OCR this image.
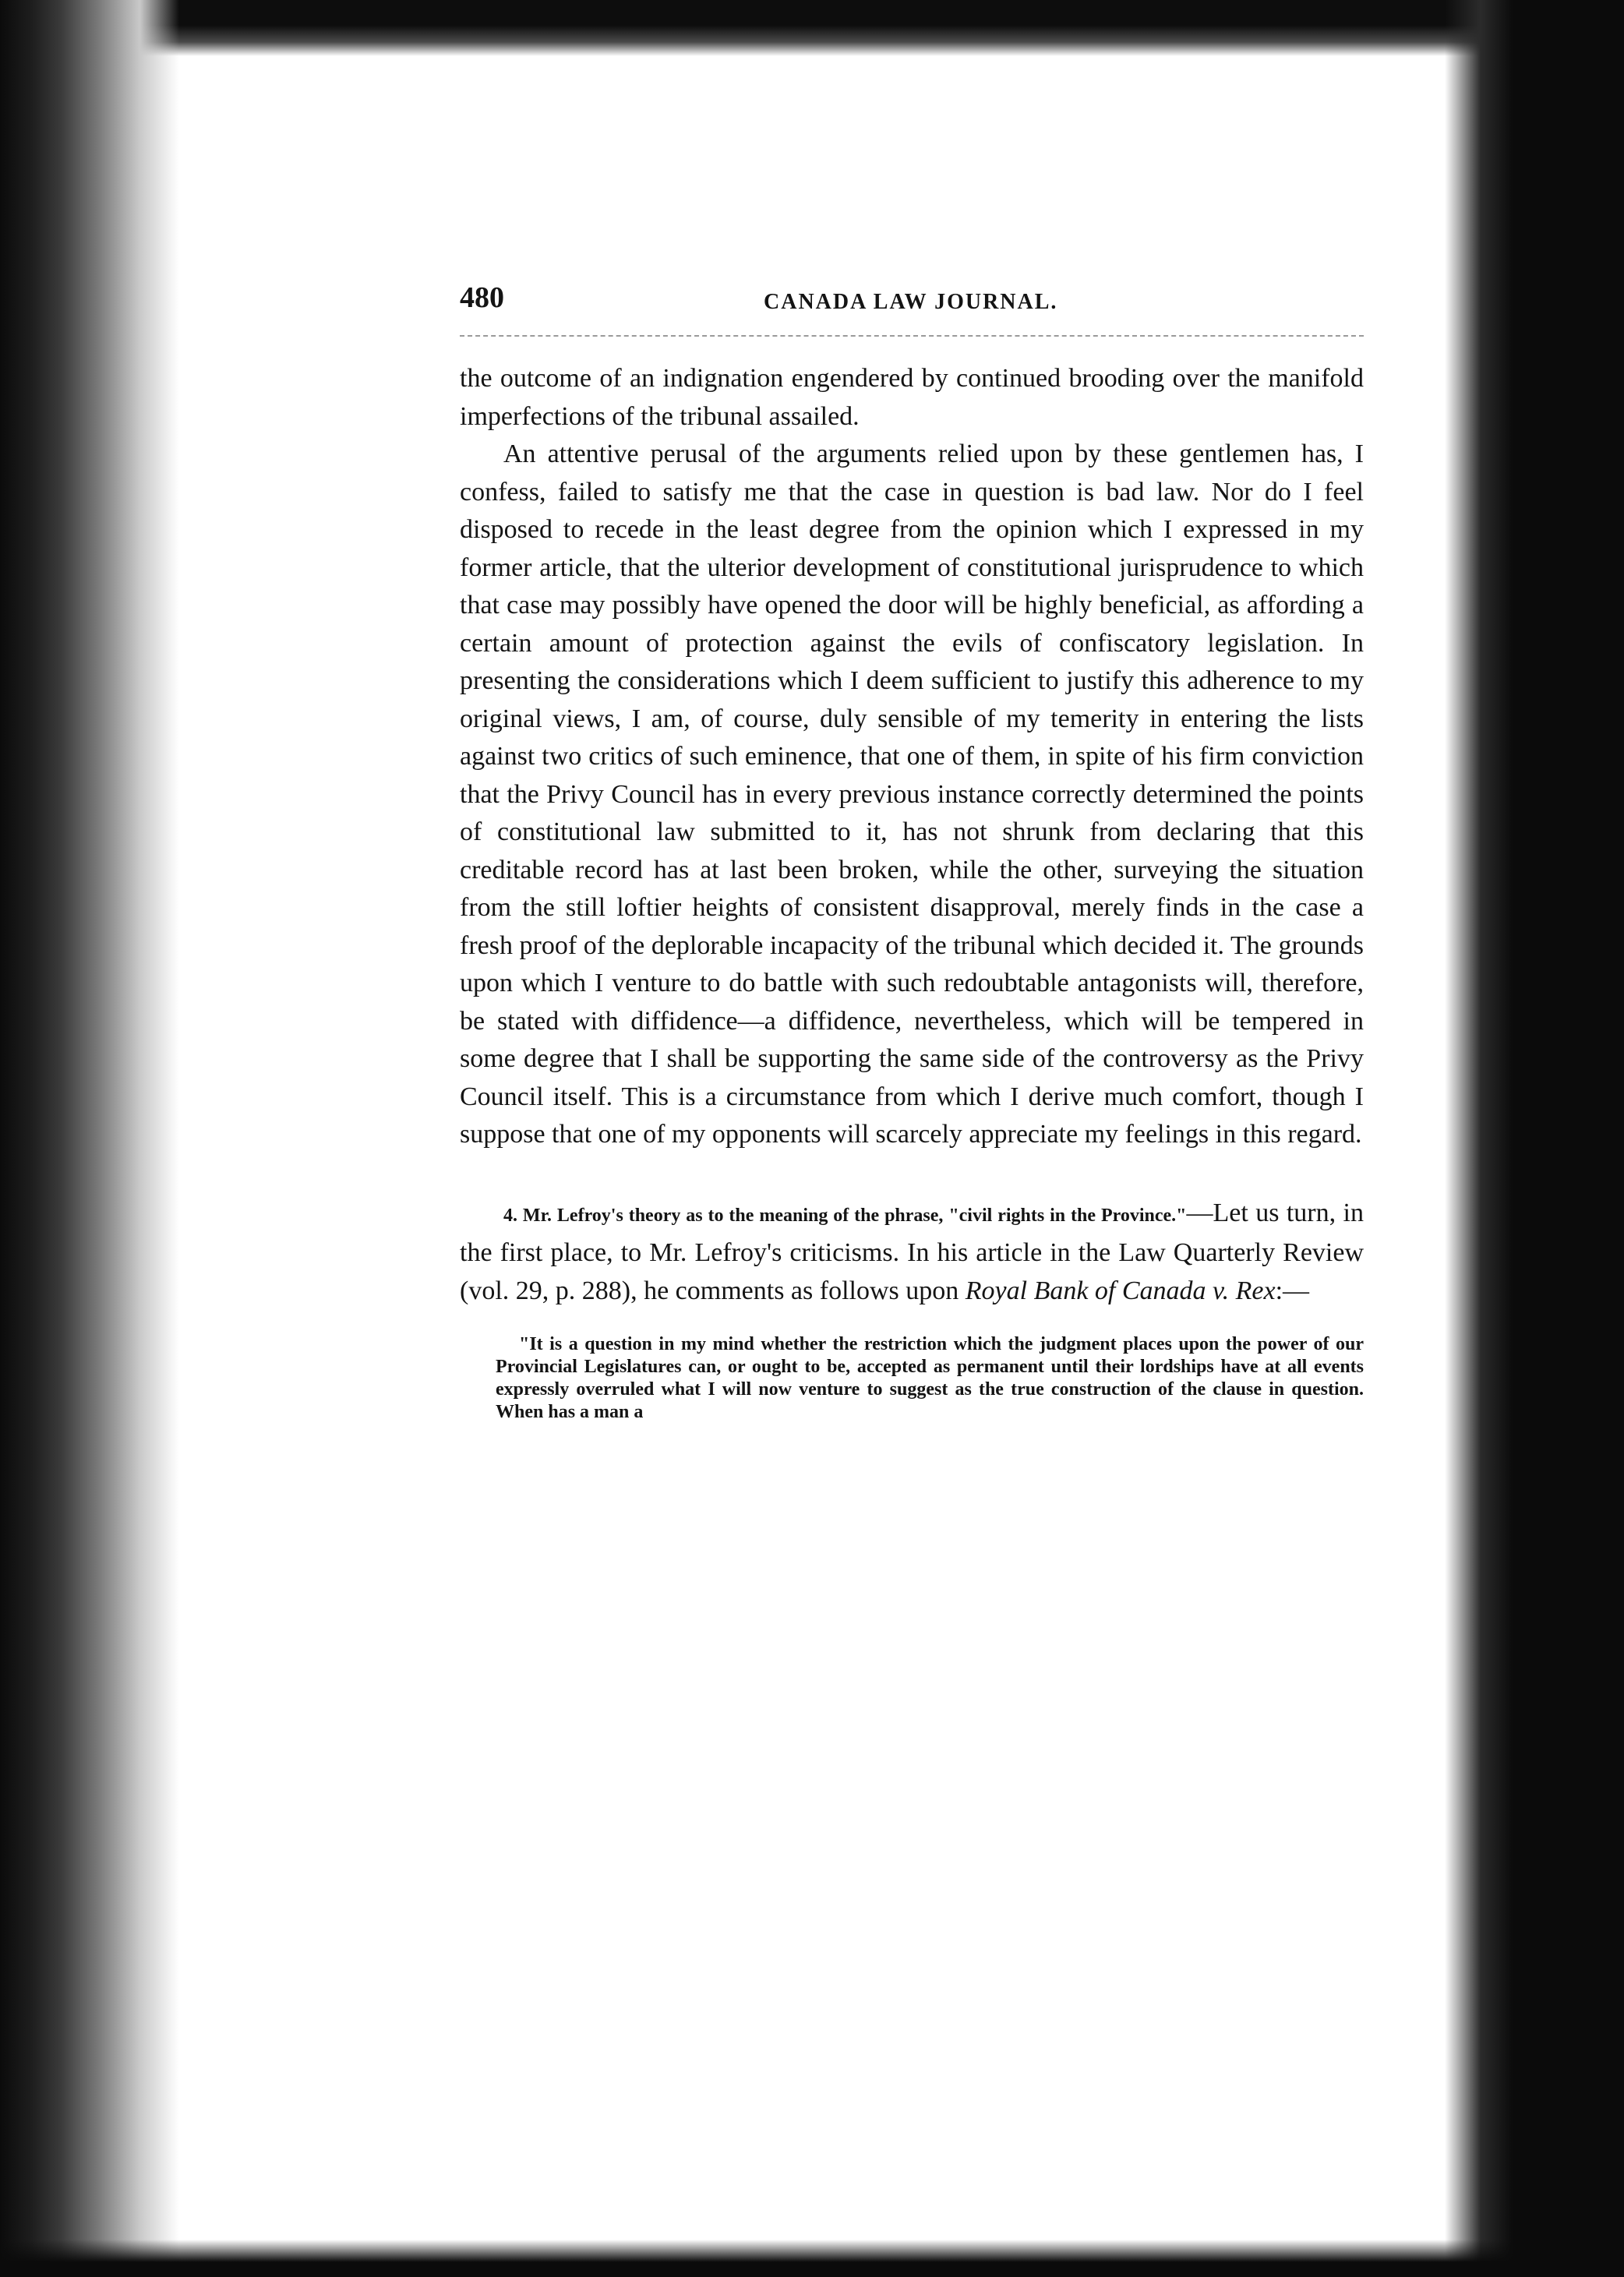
480	CANADA LAW JOURNAL.

the outcome of an indignation engendered by continued brooding over the manifold imperfections of the tribunal assailed.

An attentive perusal of the arguments relied upon by these gentlemen has, I confess, failed to satisfy me that the case in question is bad law. Nor do I feel disposed to recede in the least degree from the opinion which I expressed in my former article, that the ulterior development of constitutional jurisprudence to which that case may possibly have opened the door will be highly beneficial, as affording a certain amount of protection against the evils of confiscatory legislation. In presenting the considerations which I deem sufficient to justify this adherence to my original views, I am, of course, duly sensible of my temerity in entering the lists against two critics of such eminence, that one of them, in spite of his firm conviction that the Privy Council has in every previous instance correctly determined the points of constitutional law submitted to it, has not shrunk from declaring that this creditable record has at last been broken, while the other, surveying the situation from the still loftier heights of consistent disapproval, merely finds in the case a fresh proof of the deplorable incapacity of the tribunal which decided it. The grounds upon which I venture to do battle with such redoubtable antagonists will, therefore, be stated with diffidence—a diffidence, nevertheless, which will be tempered in some degree that I shall be supporting the same side of the controversy as the Privy Council itself. This is a circumstance from which I derive much comfort, though I suppose that one of my opponents will scarcely appreciate my feelings in this regard.

4. Mr. Lefroy's theory as to the meaning of the phrase, "civil rights in the Province."—Let us turn, in the first place, to Mr. Lefroy's criticisms. In his article in the Law Quarterly Review (vol. 29, p. 288), he comments as follows upon Royal Bank of Canada v. Rex:—
"It is a question in my mind whether the restriction which the judgment places upon the power of our Provincial Legislatures can, or ought to be, accepted as permanent until their lordships have at all events expressly overruled what I will now venture to suggest as the true construction of the clause in question. When has a man a
